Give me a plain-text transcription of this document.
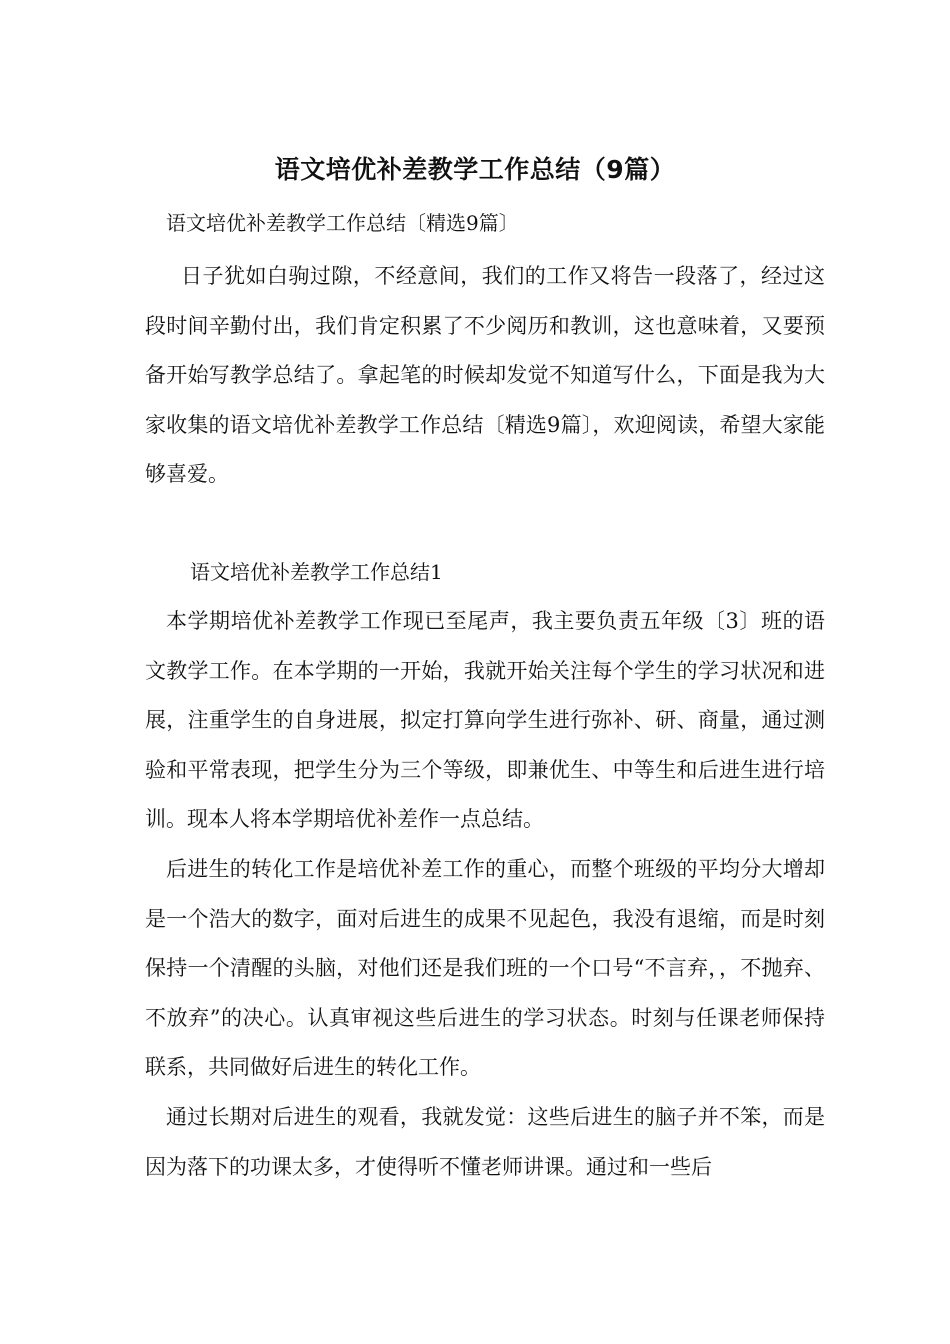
语文培优补差教学工作总结（9篇）
语文培优补差教学工作总结〔精选9篇〕

日子犹如白驹过隙，不经意间，我们的工作又将告一段落了，经过这段时间辛勤付出，我们肯定积累了不少阅历和教训，这也意味着，又要预备开始写教学总结了。拿起笔的时候却发觉不知道写什么，下面是我为大家收集的语文培优补差教学工作总结〔精选9篇〕，欢迎阅读，希望大家能够喜爱。

语文培优补差教学工作总结1

本学期培优补差教学工作现已至尾声，我主要负责五年级〔3〕班的语文教学工作。在本学期的一开始，我就开始关注每个学生的学习状况和进展，注重学生的自身进展，拟定打算向学生进行弥补、研、商量，通过测验和平常表现，把学生分为三个等级，即兼优生、中等生和后进生进行培训。现本人将本学期培优补差作一点总结。

后进生的转化工作是培优补差工作的重心，而整个班级的平均分大增却是一个浩大的数字，面对后进生的成果不见起色，我没有退缩，而是时刻保持一个清醒的头脑，对他们还是我们班的一个口号“不言弃，，不抛弃、不放弃”的决心。认真审视这些后进生的学习状态。时刻与任课老师保持联系，共同做好后进生的转化工作。

通过长期对后进生的观看，我就发觉：这些后进生的脑子并不笨，而是因为落下的功课太多，才使得听不懂老师讲课。通过和一些后
